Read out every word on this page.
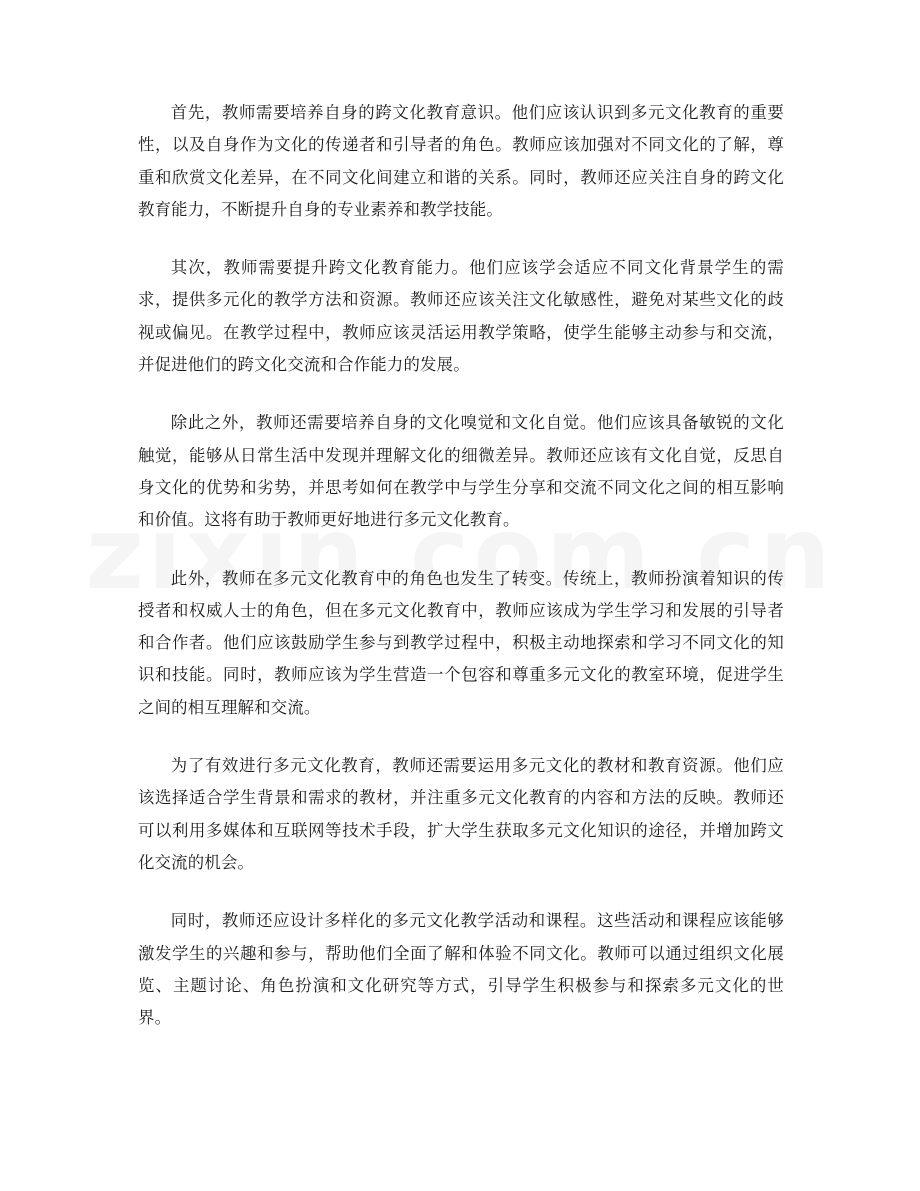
首先，教师需要培养自身的跨文化教育意识。他们应该认识到多元文化教育的重要性，以及自身作为文化的传递者和引导者的角色。教师应该加强对不同文化的了解，尊重和欣赏文化差异，在不同文化间建立和谐的关系。同时，教师还应关注自身的跨文化教育能力，不断提升自身的专业素养和教学技能。

其次，教师需要提升跨文化教育能力。他们应该学会适应不同文化背景学生的需求，提供多元化的教学方法和资源。教师还应该关注文化敏感性，避免对某些文化的歧视或偏见。在教学过程中，教师应该灵活运用教学策略，使学生能够主动参与和交流，并促进他们的跨文化交流和合作能力的发展。

除此之外，教师还需要培养自身的文化嗅觉和文化自觉。他们应该具备敏锐的文化触觉，能够从日常生活中发现并理解文化的细微差异。教师还应该有文化自觉，反思自身文化的优势和劣势，并思考如何在教学中与学生分享和交流不同文化之间的相互影响和价值。这将有助于教师更好地进行多元文化教育。

此外，教师在多元文化教育中的角色也发生了转变。传统上，教师扮演着知识的传授者和权威人士的角色，但在多元文化教育中，教师应该成为学生学习和发展的引导者和合作者。他们应该鼓励学生参与到教学过程中，积极主动地探索和学习不同文化的知识和技能。同时，教师应该为学生营造一个包容和尊重多元文化的教室环境，促进学生之间的相互理解和交流。

为了有效进行多元文化教育，教师还需要运用多元文化的教材和教育资源。他们应该选择适合学生背景和需求的教材，并注重多元文化教育的内容和方法的反映。教师还可以利用多媒体和互联网等技术手段，扩大学生获取多元文化知识的途径，并增加跨文化交流的机会。

同时，教师还应设计多样化的多元文化教学活动和课程。这些活动和课程应该能够激发学生的兴趣和参与，帮助他们全面了解和体验不同文化。教师可以通过组织文化展览、主题讨论、角色扮演和文化研究等方式，引导学生积极参与和探索多元文化的世界。
